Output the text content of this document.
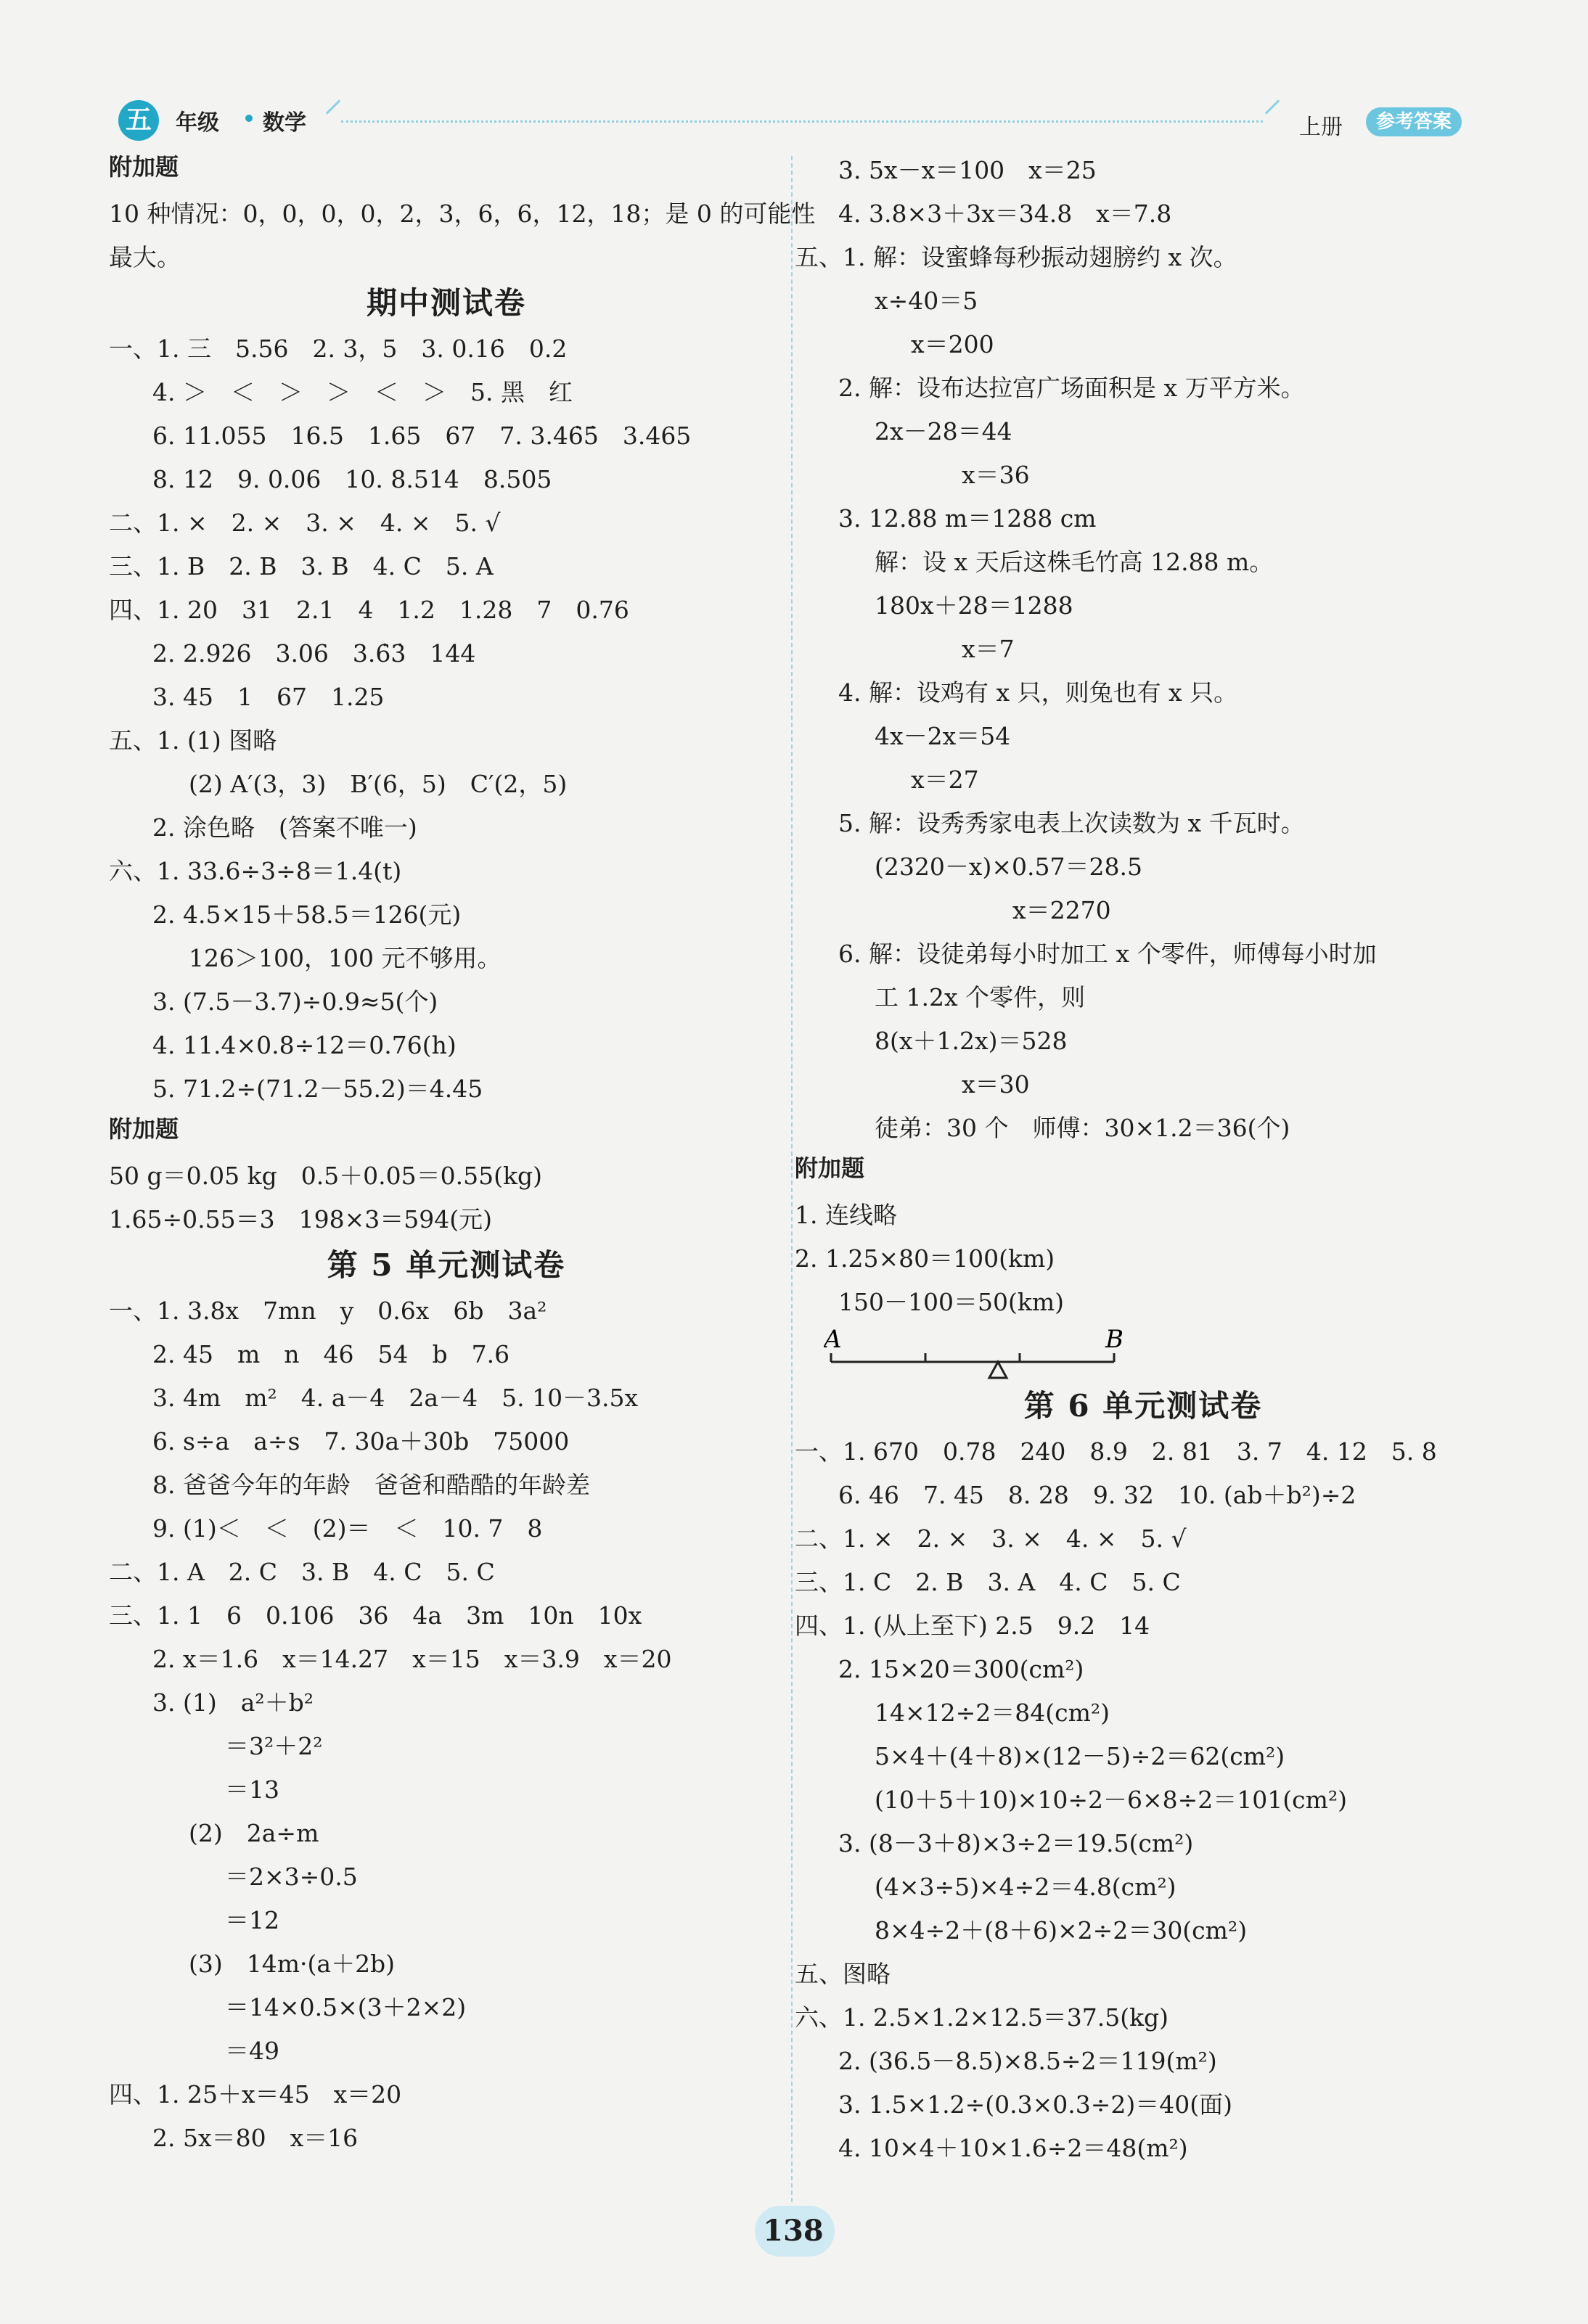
五	年级 数学	上册	参考答案
附加题
10 种情况：0，0，0，0，2，3，6，6，12，18；是 0 的可能性
最大。
期中测试卷
一、1. 三　5.56　2. 3，5　3. 0.16̇　0.2
4. ＞　＜　＞　＞　＜　＞　5. 黑　红
6. 11.055　16.5　1.65　67　7. 3.46̇5̇　3.465
8. 12　9. 0.06　10. 8.514　8.505
二、1. ×　2. ×　3. ×　4. ×　5. √
三、1. B　2. B　3. B　4. C　5. A
四、1. 20　31　2.1　4　1.2　1.28　7　0.76
2. 2.926　3.06　3.6̇3̇　144
3. 45　1　67　1.25
五、1. (1) 图略
(2) A′(3，3)　B′(6，5)　C′(2，5)
2. 涂色略　(答案不唯一)
六、1. 33.6÷3÷8＝1.4(t)
2. 4.5×15＋58.5＝126(元)
126＞100，100 元不够用。
3. (7.5－3.7)÷0.9≈5(个)
4. 11.4×0.8÷12＝0.76(h)
5. 71.2÷(71.2－55.2)＝4.45
附加题
50 g＝0.05 kg　0.5＋0.05＝0.55(kg)
1.65÷0.55＝3　198×3＝594(元)
第 5 单元测试卷
一、1. 3.8x　7mn　y　0.6x　6b　3a²
2. 45　m　n　46　54　b　7.6
3. 4m　m²　4. a－4　2a－4　5. 10－3.5x
6. s÷a　a÷s　7. 30a＋30b　75000
8. 爸爸今年的年龄　爸爸和酷酷的年龄差
9. (1)＜　＜　(2)＝　＜　10. 7　8
二、1. A　2. C　3. B　4. C　5. C
三、1. 1　6　0.106　36　4a　3m　10n　10x
2. x＝1.6　x＝14.27　x＝15　x＝3.9　x＝20
3. (1)　a²＋b²
＝3²＋2²
＝13
(2)　2a÷m
＝2×3÷0.5
＝12
(3)　14m·(a＋2b)
＝14×0.5×(3＋2×2)
＝49
四、1. 25＋x＝45　x＝20
2. 5x＝80　x＝16
3. 5x－x＝100　x＝25
4. 3.8×3＋3x＝34.8　x＝7.8
五、1. 解：设蜜蜂每秒振动翅膀约 x 次。
x÷40＝5
x＝200
2. 解：设布达拉宫广场面积是 x 万平方米。
2x－28＝44
x＝36
3. 12.88 m＝1288 cm
解：设 x 天后这株毛竹高 12.88 m。
180x＋28＝1288
x＝7
4. 解：设鸡有 x 只，则兔也有 x 只。
4x－2x＝54
x＝27
5. 解：设秀秀家电表上次读数为 x 千瓦时。
(2320－x)×0.57＝28.5
x＝2270
6. 解：设徒弟每小时加工 x 个零件，师傅每小时加
工 1.2x 个零件，则
8(x＋1.2x)＝528
x＝30
徒弟：30 个　师傅：30×1.2＝36(个)
附加题
1. 连线略
2. 1.25×80＝100(km)
150－100＝50(km)
A	B
第 6 单元测试卷
一、1. 670　0.78　240　8.9　2. 81　3. 7　4. 12　5. 8
6. 46　7. 45　8. 28　9. 32　10. (ab＋b²)÷2
二、1. ×　2. ×　3. ×　4. ×　5. √
三、1. C　2. B　3. A　4. C　5. C
四、1. (从上至下) 2.5　9.2　14
2. 15×20＝300(cm²)
14×12÷2＝84(cm²)
5×4＋(4＋8)×(12－5)÷2＝62(cm²)
(10＋5＋10)×10÷2－6×8÷2＝101(cm²)
3. (8－3＋8)×3÷2＝19.5(cm²)
(4×3÷5)×4÷2＝4.8(cm²)
8×4÷2＋(8＋6)×2÷2＝30(cm²)
五、图略
六、1. 2.5×1.2×12.5＝37.5(kg)
2. (36.5－8.5)×8.5÷2＝119(m²)
3. 1.5×1.2÷(0.3×0.3÷2)＝40(面)
4. 10×4＋10×1.6÷2＝48(m²)
138
